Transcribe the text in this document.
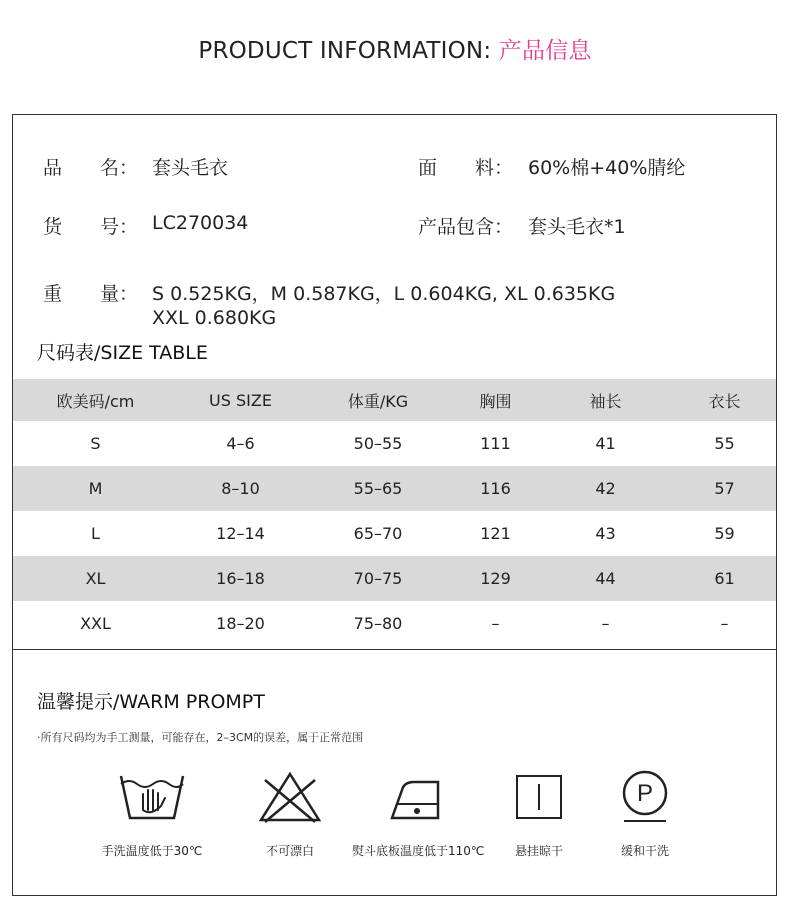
PRODUCT INFORMATION: 产品信息
品　　名： 套头毛衣	面　　料： 60%棉+40%腈纶
货　　号： LC270034	产品包含： 套头毛衣*1
重　　量： S 0.525KG，M 0.587KG，L 0.604KG, XL 0.635KG
XXL 0.680KG
尺码表/SIZE TABLE
欧美码/cm	US SIZE	体重/KG	胸围	袖长	衣长
S	4–6	50–55	111	41	55
M	8–10	55–65	116	42	57
L	12–14	65–70	121	43	59
XL	16–18	70–75	129	44	61
XXL	18–20	75–80	–	–	–
温馨提示/WARM PROMPT
·所有尺码均为手工测量，可能存在，2–3CM的误差，属于正常范围
手洗温度低于30℃	不可漂白	熨斗底板温度低于110℃	悬挂晾干
P
缓和干洗
